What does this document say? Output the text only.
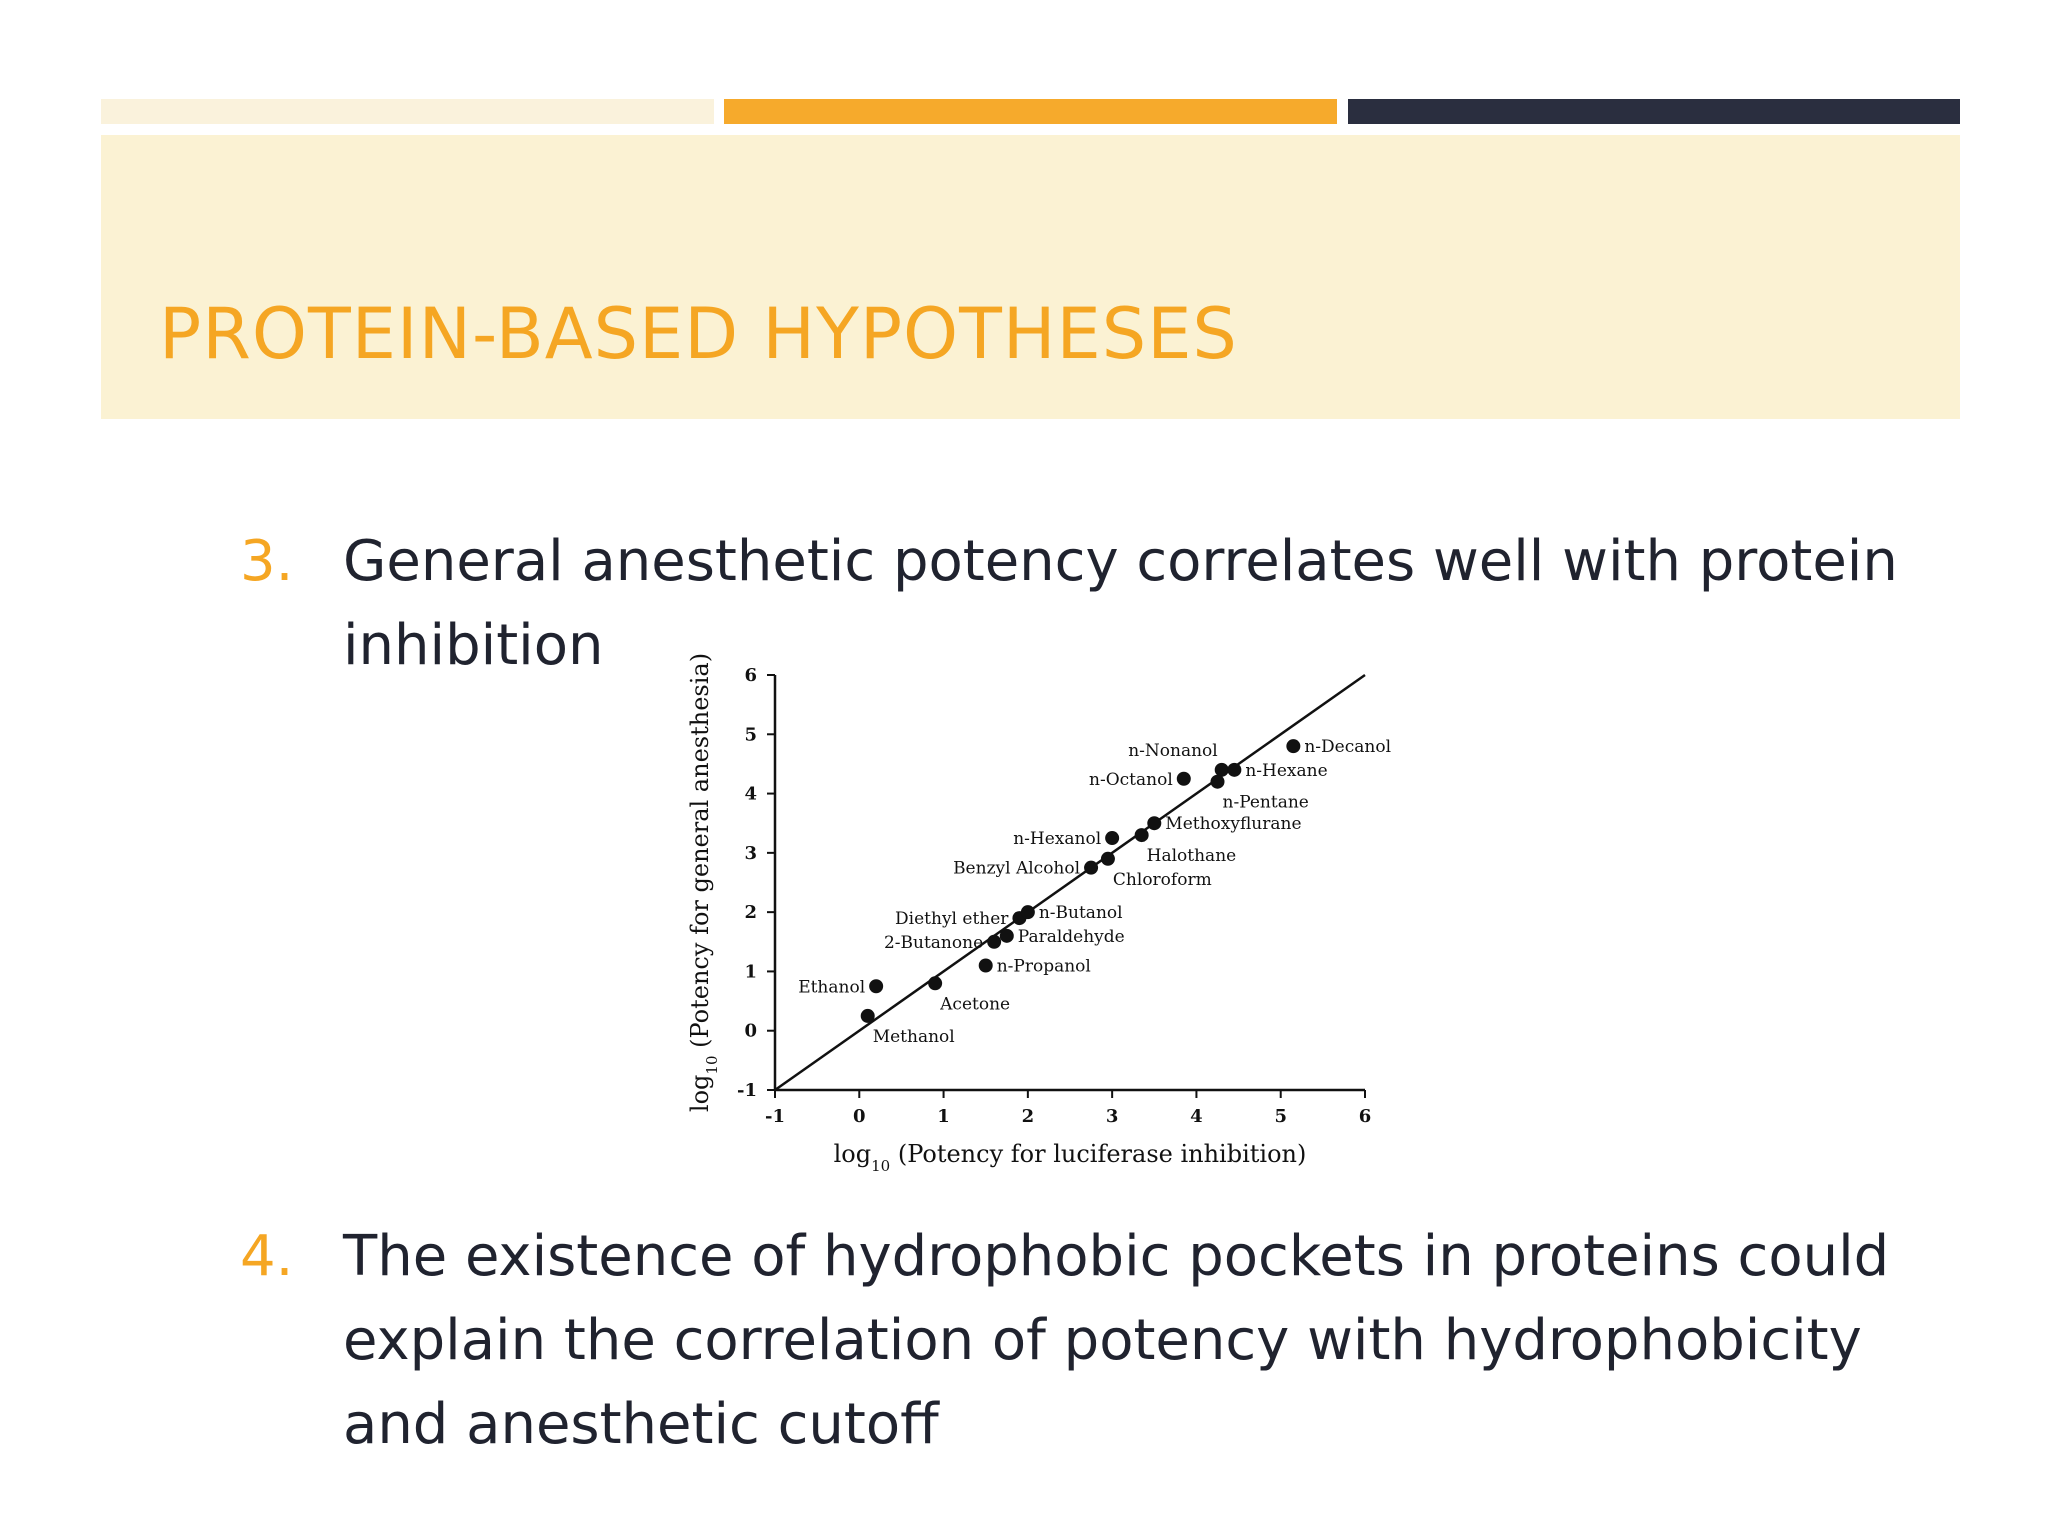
PROTEIN-BASED HYPOTHESES
3. General anesthetic potency correlates well with protein inhibition
-1	0	1	2	3	4	5	6
-1
0
1
2
3
4
5
6
Methanol
Ethanol
Acetone
n-Propanol
2-Butanone Paraldehyde
Diethyl ether n-Butanol
Benzyl Alcohol
Chloroform
n-Hexanol
Halothane
Methoxyflurane
n-Octanol
n-Nonanol
n-Hexane
n-Pentane
n-Decanol
$\log_{10}$ (Potency for luciferase inhibition)
$\log_{10}$ (Potency for general anesthesia)
4. The existence of hydrophobic pockets in proteins could explain the correlation of potency with hydrophobicity and anesthetic cutoff
